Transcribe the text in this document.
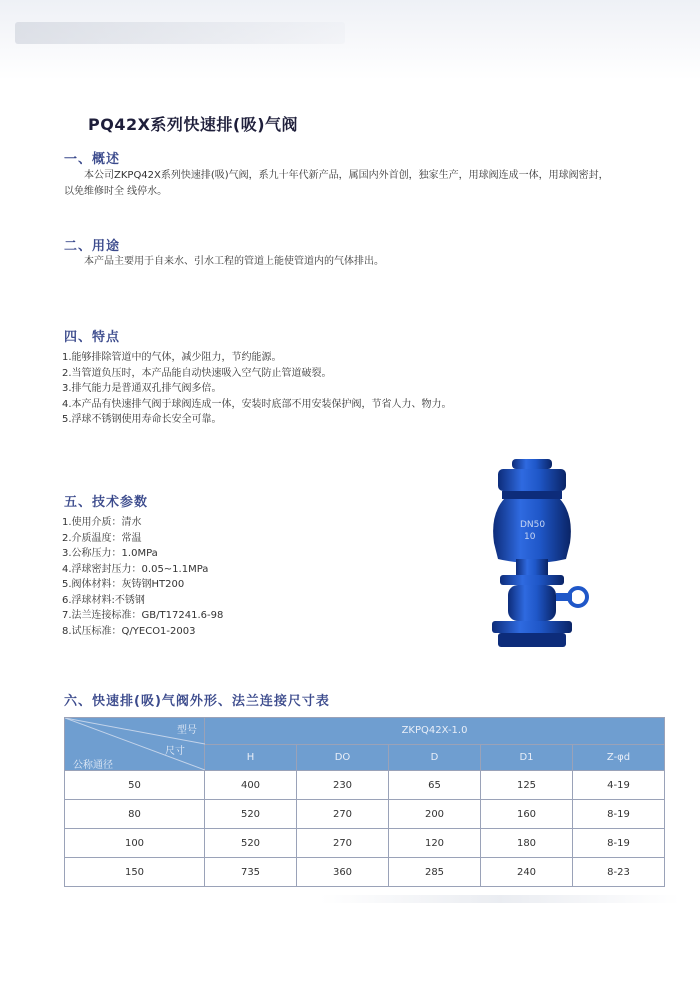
PQ42X系列快速排(吸)气阀
一、概述
本公司ZKPQ42X系列快速排(吸)气阀，系九十年代新产品，属国内外首创，独家生产，用球阀连成一体，用球阀密封，
以免维修时全 线停水。
二、用途
本产品主要用于自来水、引水工程的管道上能使管道内的气体排出。
四、特点
1.能够排除管道中的气体，减少阻力，节约能源。
2.当管道负压时，本产品能自动快速吸入空气防止管道破裂。
3.排气能力是普通双孔排气阀多倍。
4.本产品有快速排气阀于球阀连成一体，安装时底部不用安装保护阀，节省人力、物力。
5.浮球不锈钢使用寿命长安全可靠。
五、技术参数
1.使用介质：清水
2.介质温度：常温
3.公称压力：1.0MPa
4.浮球密封压力：0.05~1.1MPa
5.阀体材料：灰铸钢HT200
6.浮球材料:不锈钢
7.法兰连接标准：GB/T17241.6-98
8.试压标准：Q/YECO1-2003
DN50
10
六、快速排(吸)气阀外形、法兰连接尺寸表
型号
尺寸
公称通径	ZKPQ42X-1.0				
	H	DO	D	D1	Z-φd
50	400	230	65	125	4-19
80	520	270	200	160	8-19
100	520	270	120	180	8-19
150	735	360	285	240	8-23
